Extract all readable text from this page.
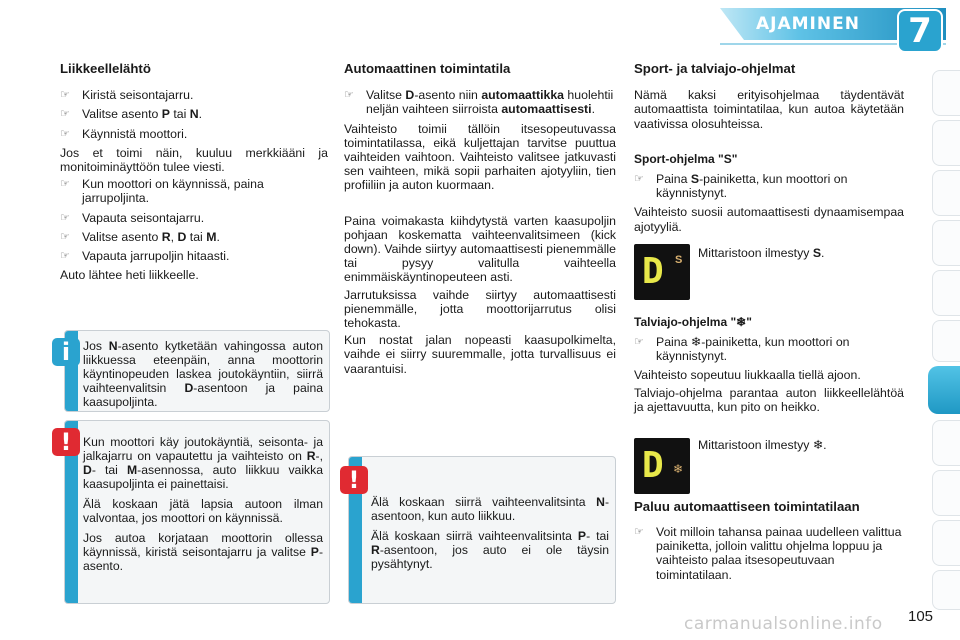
AJAMINEN	7
Liikkeellelähtö
☞ Kiristä seisontajarru.
☞ Valitse asento P tai N.
☞ Käynnistä moottori.

Jos et toimi näin, kuuluu merkkiääni ja monitoiminäyttöön tulee viesti.

☞ Kun moottori on käynnissä, paina jarrupoljinta.
☞ Vapauta seisontajarru.
☞ Valitse asento R, D tai M.
☞ Vapauta jarrupoljin hitaasti.

Auto lähtee heti liikkeelle.

Jos N-asento kytketään vahingossa auton liikkuessa eteenpäin, anna moottorin käyntinopeuden laskea joutokäyntiin, siirrä vaihteenvalitsin D-asentoon ja paina kaasupoljinta.
i

Kun moottori käy joutokäyntiä, seisonta- ja jalkajarru on vapautettu ja vaihteisto on R-, D- tai M-asennossa, auto liikkuu vaikka kaasupoljinta ei painettaisi.

Älä koskaan jätä lapsia autoon ilman valvontaa, jos moottori on käynnissä.

Jos autoa korjataan moottorin ollessa käynnissä, kiristä seisontajarru ja valitse P-asento.

!
Automaattinen toimintatila
☞ Valitse D-asento niin automaattikka huolehtii neljän vaihteen siirroista automaattisesti.

Vaihteisto toimii tällöin itsesopeutuvassa toimintatilassa, eikä kuljettajan tarvitse puuttua vaihteiden vaihtoon. Vaihteisto valitsee jatkuvasti sen vaihteen, mikä sopii parhaiten ajotyyliin, tien profiiliin ja auton kuormaan.

Paina voimakasta kiihdytystä varten kaasupoljin pohjaan koskematta vaihteenvalitsimeen (kick down). Vaihde siirtyy automaattisesti pienemmälle tai pysyy valitulla vaihteella enimmäiskäyntinopeuteen asti.

Jarrutuksissa vaihde siirtyy automaattisesti pienemmälle, jotta moottorijarrutus olisi tehokasta.

Kun nostat jalan nopeasti kaasupolkimelta, vaihde ei siirry suuremmalle, jotta turvallisuus ei vaarantuisi.

Älä koskaan siirrä vaihteenvalitsinta N-asentoon, kun auto liikkuu.

Älä koskaan siirrä vaihteenvalitsinta P- tai R-asentoon, jos auto ei ole täysin pysähtynyt.

!
Sport- ja talviajo-ohjelmat

Nämä kaksi erityisohjelmaa täydentävät automaattista toimintatilaa, kun autoa käytetään vaativissa olosuhteissa.

Sport-ohjelma "S"
☞ Paina S-painiketta, kun moottori on käynnistynyt.

Vaihteisto suosii automaattisesti dynaamisempaa ajotyyliä.

Talviajo-ohjelma "❄"
☞ Paina ❄-painiketta, kun moottori on käynnistynyt.

Vaihteisto sopeutuu liukkaalla tiellä ajoon.

Talviajo-ohjelma parantaa auton liikkeellelähtöä ja ajettavuutta, kun pito on heikko.

Paluu automaattiseen toimintatilaan
☞ Voit milloin tahansa painaa uudelleen valittua painiketta, jolloin valittu ohjelma loppuu ja vaihteisto palaa itsesopeutuvaan toimintatilaan.
D S Mittaristoon ilmestyy S.
D ❄
Mittaristoon ilmestyy ❄.
carmanualsonline.info 105
